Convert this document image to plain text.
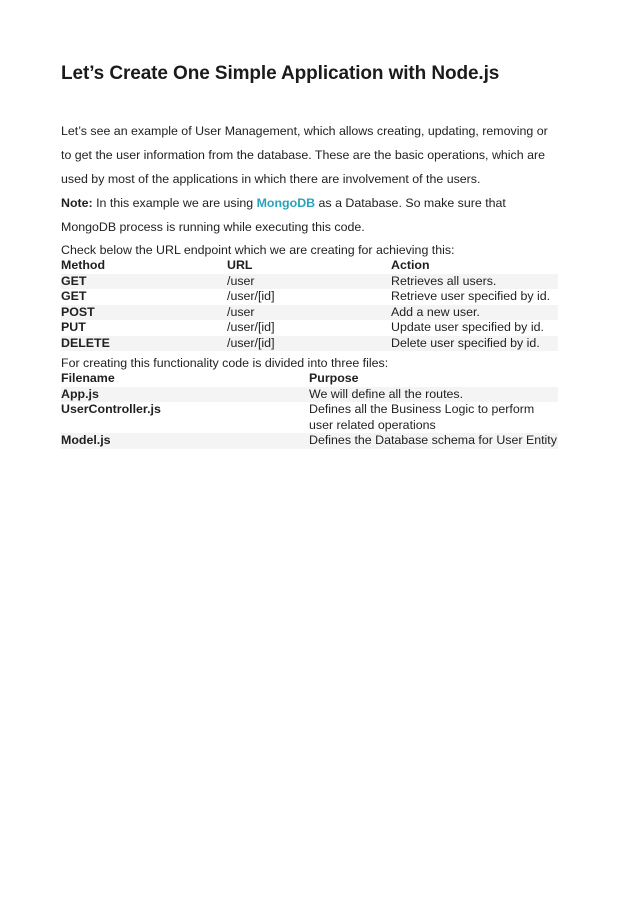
Let’s Create One Simple Application with Node.js

Let’s see an example of User Management, which allows creating, updating, removing or to get the user information from the database. These are the basic operations, which are used by most of the applications in which there are involvement of the users.

Note: In this example we are using MongoDB as a Database. So make sure that MongoDB process is running while executing this code.

Check below the URL endpoint which we are creating for achieving this:

Method	URL	Action
GET	/user	Retrieves all users.
GET	/user/[id]	Retrieve user specified by id.
POST	/user	Add a new user.
PUT	/user/[id]	Update user specified by id.
DELETE	/user/[id]	Delete user specified by id.

For creating this functionality code is divided into three files:

Filename	Purpose
App.js	We will define all the routes.
UserController.js	Defines all the Business Logic to perform user related operations
Model.js	Defines the Database schema for User Entity
